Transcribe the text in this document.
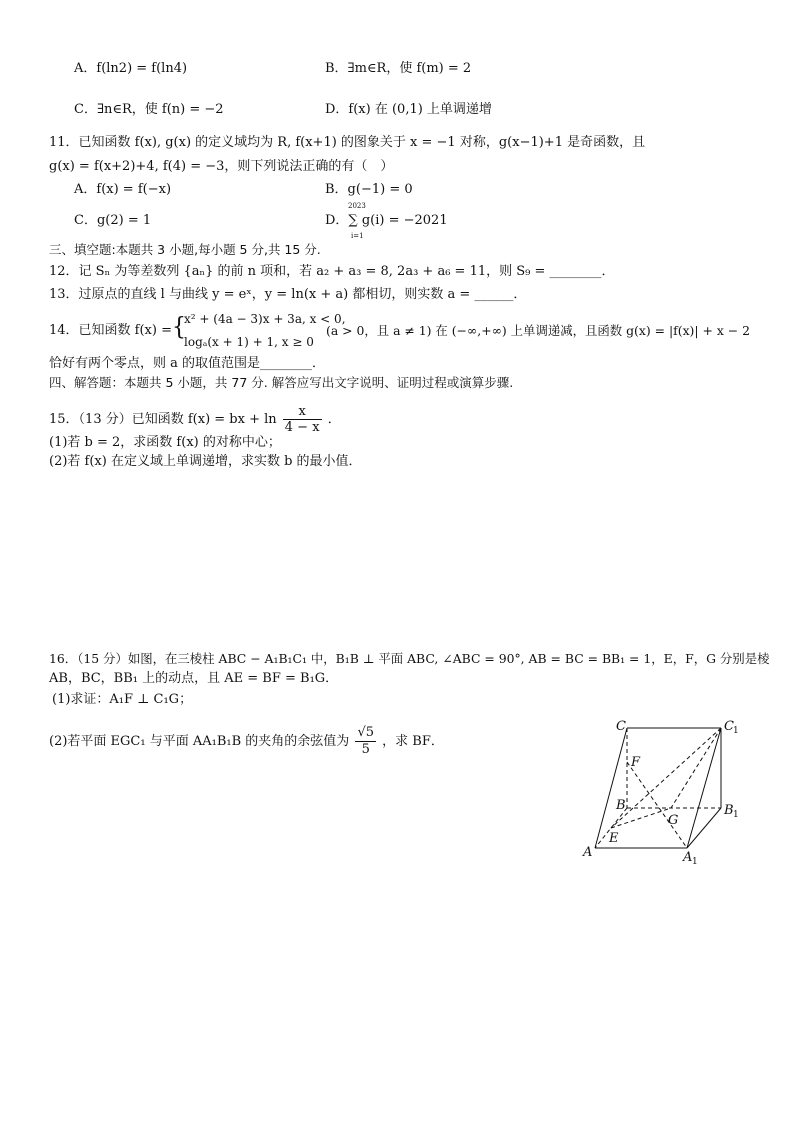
A．f(ln2) = f(ln4)	B．∃m∈R，使 f(m) = 2
C．∃n∈R，使 f(n) = −2	D．f(x) 在 (0,1) 上单调递增
11．已知函数 f(x), g(x) 的定义域均为 R, f(x+1) 的图象关于 x = −1 对称，g(x−1)+1 是奇函数，且
g(x) = f(x+2)+4, f(4) = −3，则下列说法正确的有（　）
A．f(x) = f(−x)	B．g(−1) = 0
C．g(2) = 1	D．∑ g(i) = −2021
2023
i=1
三、填空题:本题共 3 小题,每小题 5 分,共 15 分.
12．记 Sₙ 为等差数列 {aₙ} 的前 n 项和，若 a₂ + a₃ = 8, 2a₃ + a₆ = 11，则 S₉ = ________．
13．过原点的直线 l 与曲线 y = eˣ，y = ln(x + a) 都相切，则实数 a = ______．
14．已知函数 f(x) = {
x² + (4a − 3)x + 3a, x < 0,
logₐ(x + 1) + 1, x ≥ 0
(a > 0，且 a ≠ 1) 在 (−∞,+∞) 上单调递减，且函数 g(x) = |f(x)| + x − 2
恰好有两个零点，则 a 的取值范围是________．
四、解答题：本题共 5 小题，共 77 分. 解答应写出文字说明、证明过程或演算步骤.
15．（13 分）已知函数 f(x) = bx + $\ln \frac{x}{4 - x}$ ．
(1)若 b = 2，求函数 f(x) 的对称中心；
(2)若 f(x) 在定义域上单调递增，求实数 b 的最小值．
16．（15 分）如图，在三棱柱 ABC − A₁B₁C₁ 中，B₁B ⊥ 平面 ABC, ∠ABC = 90°, AB = BC = BB₁ = 1，E，F，G 分别是棱
AB，BC，BB₁ 上的动点，且 AE = BF = B₁G．
(1)求证：A₁F ⊥ C₁G；
(2)若平面 EGC₁ 与平面 AA₁B₁B 的夹角的余弦值为 $\frac{√5}{5}$ ，求 BF．
C	C 1
F
B
G
B 1
E
A	A 1
